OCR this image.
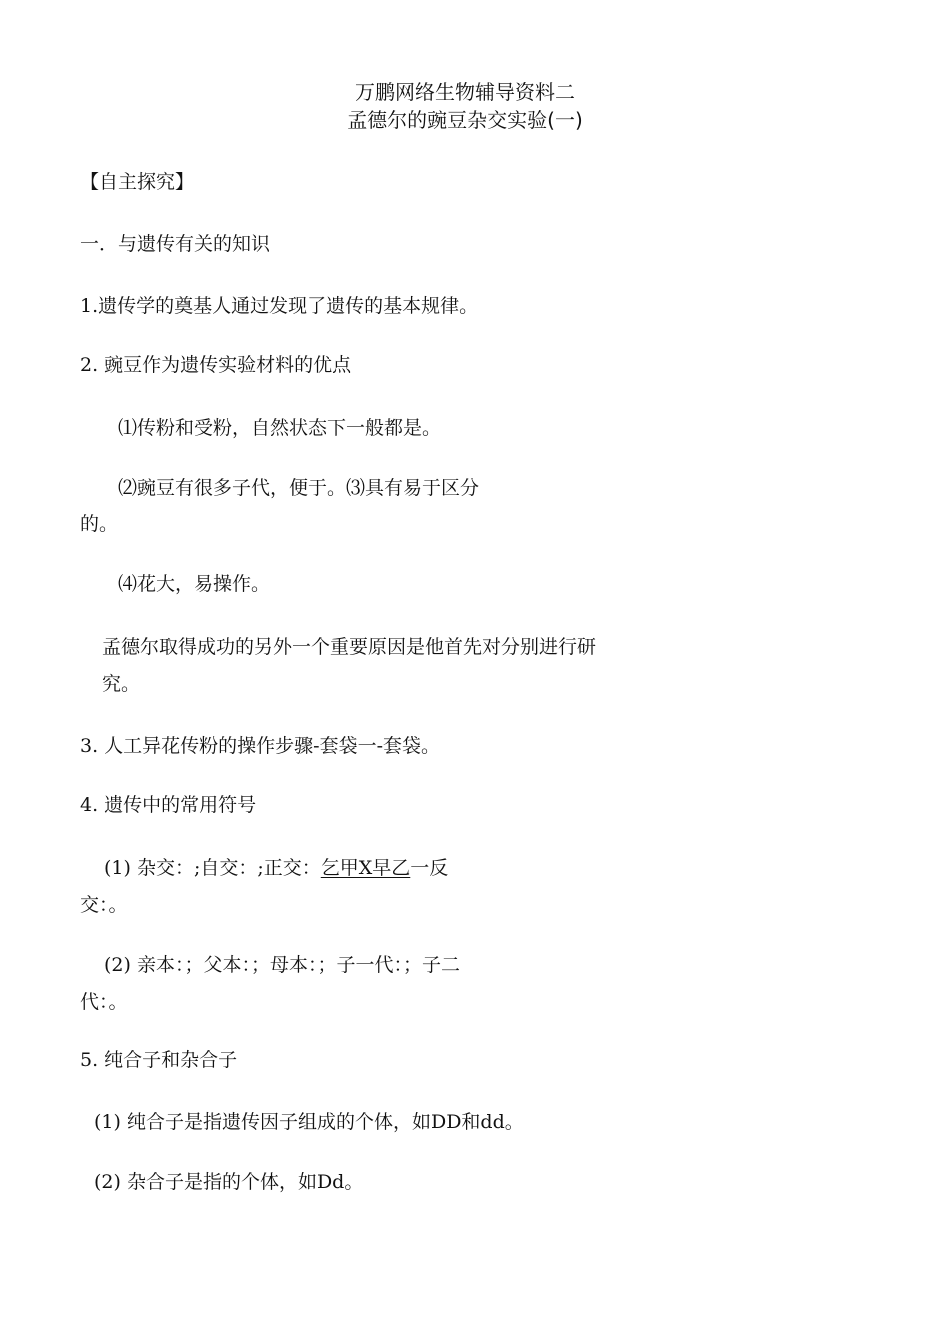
万鹏网络生物辅导资料二
孟德尔的豌豆杂交实验(一)
【自主探究】
一．与遗传有关的知识
1.遗传学的奠基人通过发现了遗传的基本规律。
2. 豌豆作为遗传实验材料的优点
⑴传粉和受粉，自然状态下一般都是。
⑵豌豆有很多子代，便于。⑶具有易于区分
的。
⑷花大，易操作。
孟德尔取得成功的另外一个重要原因是他首先对分别进行研
究。
3. 人工异花传粉的操作步骤-套袋一-套袋。
4. 遗传中的常用符号
(1) 杂交：;自交：;正交：乞甲X早乙一反
交：。
(2) 亲本：；父本：；母本：；子一代：；子二
代：。
5. 纯合子和杂合子
(1) 纯合子是指遗传因子组成的个体，如DD和dd。
(2) 杂合子是指的个体，如Dd。
